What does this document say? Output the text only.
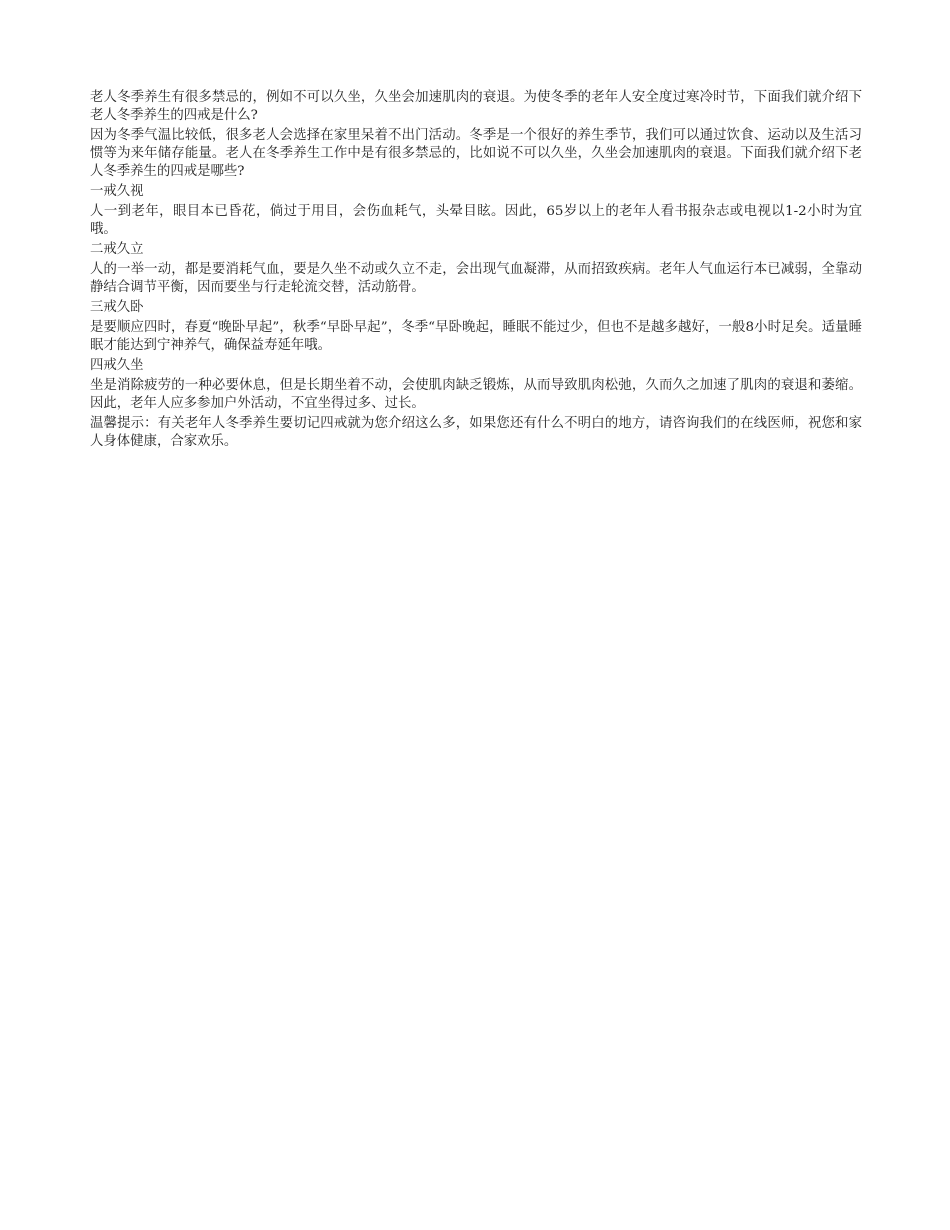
老人冬季养生有很多禁忌的，例如不可以久坐，久坐会加速肌肉的衰退。为使冬季的老年人安全度过寒冷时节，下面我们就介绍下老人冬季养生的四戒是什么?

因为冬季气温比较低，很多老人会选择在家里呆着不出门活动。冬季是一个很好的养生季节，我们可以通过饮食、运动以及生活习惯等为来年储存能量。老人在冬季养生工作中是有很多禁忌的，比如说不可以久坐，久坐会加速肌肉的衰退。下面我们就介绍下老人冬季养生的四戒是哪些?

一戒久视

人一到老年，眼目本已昏花，倘过于用目，会伤血耗气，头晕目眩。因此，65岁以上的老年人看书报杂志或电视以1-2小时为宜哦。

二戒久立

人的一举一动，都是要消耗气血，要是久坐不动或久立不走，会出现气血凝滞，从而招致疾病。老年人气血运行本已减弱，全靠动静结合调节平衡，因而要坐与行走轮流交替，活动筋骨。

三戒久卧

是要顺应四时，春夏“晚卧早起”，秋季“早卧早起”，冬季“早卧晚起，睡眠不能过少，但也不是越多越好，一般8小时足矣。适量睡眠才能达到宁神养气，确保益寿延年哦。

四戒久坐

坐是消除疲劳的一种必要休息，但是长期坐着不动，会使肌肉缺乏锻炼，从而导致肌肉松弛，久而久之加速了肌肉的衰退和萎缩。因此，老年人应多参加户外活动，不宜坐得过多、过长。

温馨提示：有关老年人冬季养生要切记四戒就为您介绍这么多，如果您还有什么不明白的地方，请咨询我们的在线医师，祝您和家人身体健康，合家欢乐。
